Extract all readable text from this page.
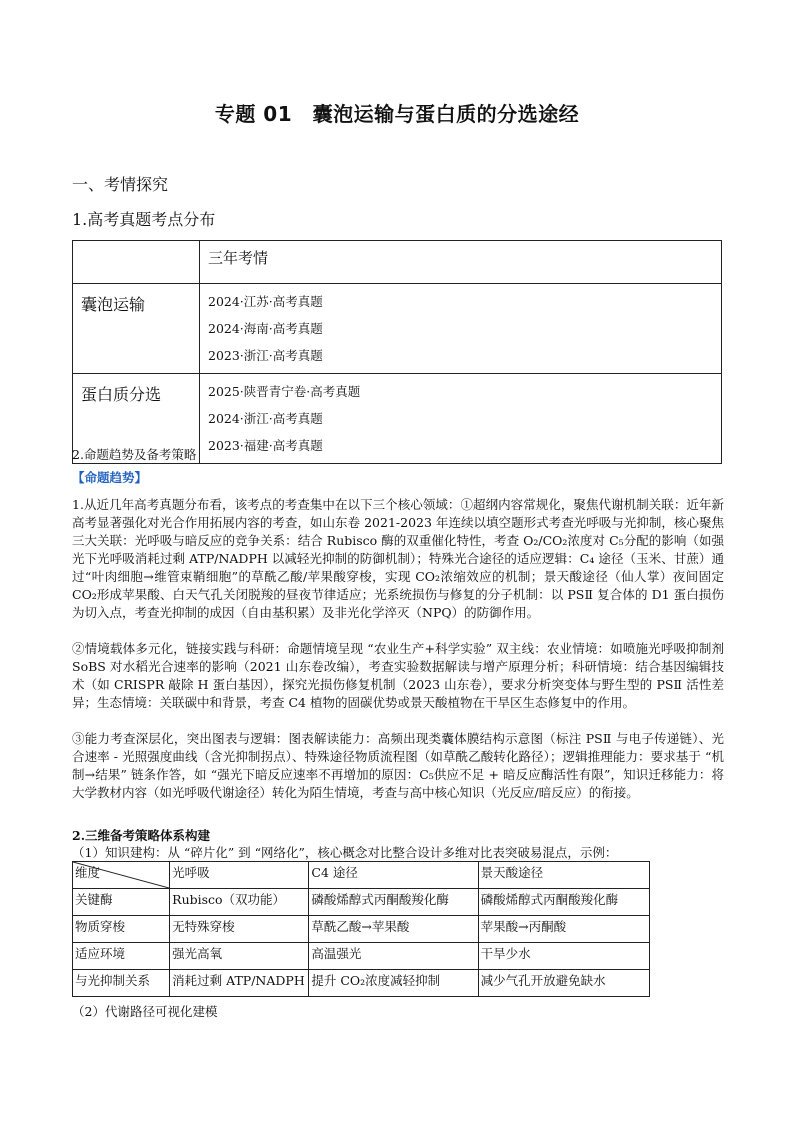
专题 01　囊泡运输与蛋白质的分选途经
一、考情探究
1.高考真题考点分布
	三年考情
囊泡运输	2024·江苏·高考真题
2024·海南·高考真题
2023·浙江·高考真题

蛋白质分选	2025·陕晋青宁卷·高考真题
2024·浙江·高考真题
2023·福建·高考真题
2.命题趋势及备考策略
【命题趋势】

1.从近几年高考真题分布看，该考点的考查集中在以下三个核心领域：①超纲内容常规化，聚焦代谢机制关联：近年新高考显著强化对光合作用拓展内容的考查，如山东卷 2021-2023 年连续以填空题形式考查光呼吸与光抑制，核心聚焦三大关联：光呼吸与暗反应的竞争关系：结合 Rubisco 酶的双重催化特性，考查 O₂/CO₂浓度对 C₅分配的影响（如强光下光呼吸消耗过剩 ATP/NADPH 以减轻光抑制的防御机制）；特殊光合途径的适应逻辑：C₄ 途径（玉米、甘蔗）通过“叶肉细胞→维管束鞘细胞”的草酰乙酸/苹果酸穿梭，实现 CO₂浓缩效应的机制；景天酸途径（仙人掌）夜间固定 CO₂形成苹果酸、白天气孔关闭脱羧的昼夜节律适应；光系统损伤与修复的分子机制：以 PSⅡ 复合体的 D1 蛋白损伤为切入点，考查光抑制的成因（自由基积累）及非光化学淬灭（NPQ）的防御作用。

②情境载体多元化，链接实践与科研：命题情境呈现 “农业生产+科学实验” 双主线：农业情境：如喷施光呼吸抑制剂 SoBS 对水稻光合速率的影响（2021 山东卷改编），考查实验数据解读与增产原理分析；科研情境：结合基因编辑技术（如 CRISPR 敲除 H 蛋白基因），探究光损伤修复机制（2023 山东卷），要求分析突变体与野生型的 PSⅡ 活性差异；生态情境：关联碳中和背景，考查 C4 植物的固碳优势或景天酸植物在干旱区生态修复中的作用。

③能力考查深层化，突出图表与逻辑：图表解读能力：高频出现类囊体膜结构示意图（标注 PSⅡ 与电子传递链）、光合速率 - 光照强度曲线（含光抑制拐点）、特殊途径物质流程图（如草酰乙酸转化路径）；逻辑推理能力：要求基于 “机制→结果” 链条作答，如 “强光下暗反应速率不再增加的原因：C₅供应不足 + 暗反应酶活性有限”，知识迁移能力：将大学教材内容（如光呼吸代谢途径）转化为陌生情境，考查与高中核心知识（光反应/暗反应）的衔接。

2.三维备考策略体系构建
（1）知识建构：从 “碎片化” 到 “网络化”，核心概念对比整合设计多维对比表突破易混点，示例：
维度	光呼吸	C4 途径	景天酸途径
关键酶	Rubisco（双功能）	磷酸烯醇式丙酮酸羧化酶	磷酸烯醇式丙酮酸羧化酶
物质穿梭	无特殊穿梭	草酰乙酸→苹果酸	苹果酸→丙酮酸
适应环境	强光高氧	高温强光	干旱少水
与光抑制关系	消耗过剩 ATP/NADPH	提升 CO₂浓度减轻抑制	减少气孔开放避免缺水
（2）代谢路径可视化建模
